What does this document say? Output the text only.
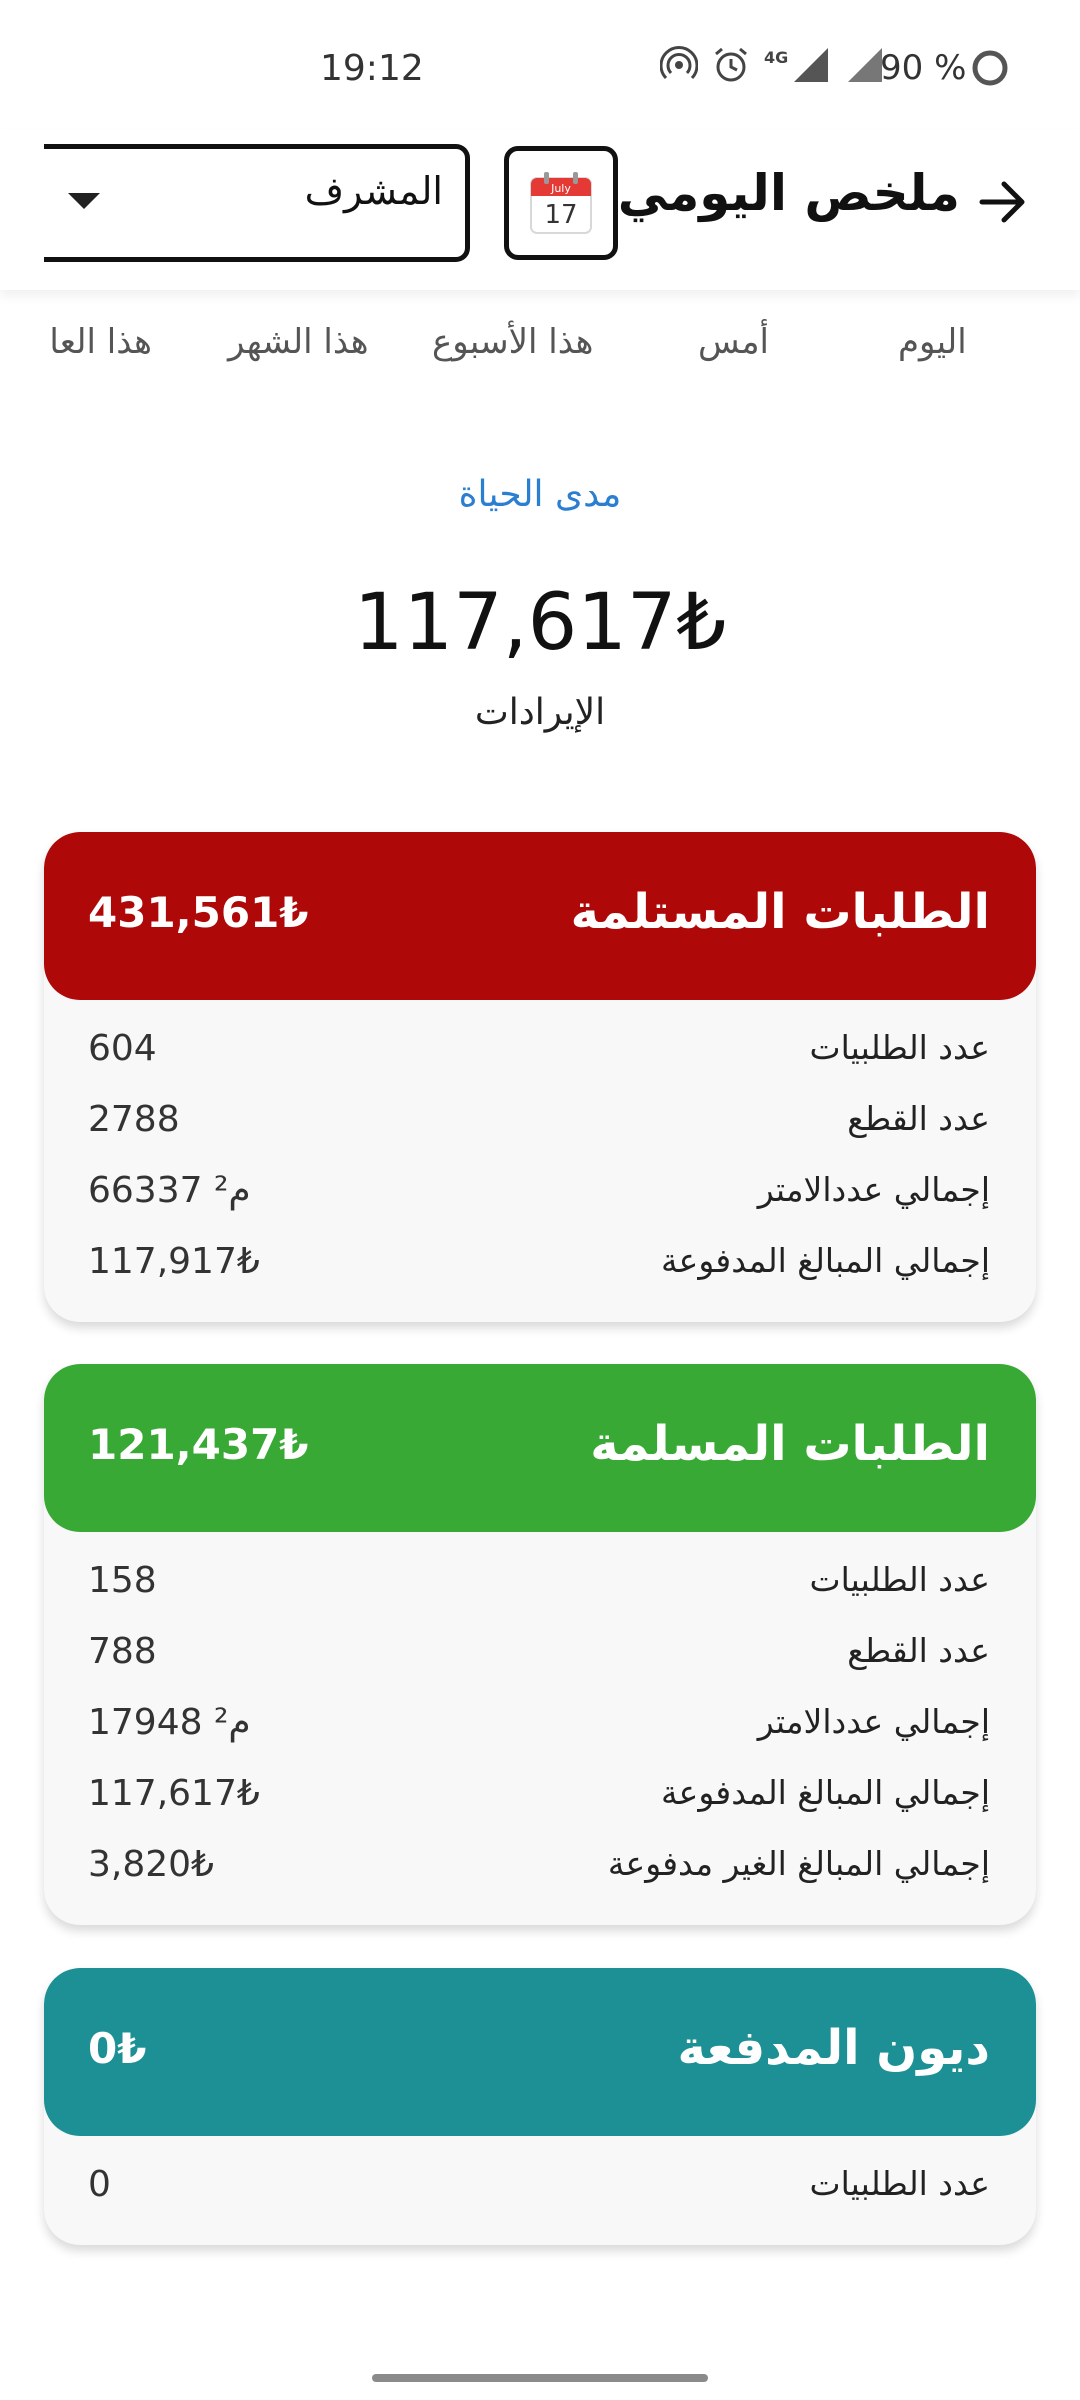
19:12	4G	90 %
ملخص اليومي
July
17
المشرف
اليوم
أمس
هذا الأسبوع
هذا الشهر
هذا العا
مدى الحياة
117,617₺
الإيرادات
الطلبات المستلمة
431,561₺
عدد الطلبيات
604
عدد القطع
2788
إجمالي عددالامتر
66337 م²
إجمالي المبالغ المدفوعة
117,917₺
الطلبات المسلمة
121,437₺
عدد الطلبيات
158
عدد القطع
788
إجمالي عددالامتر
17948 م²
إجمالي المبالغ المدفوعة
117,617₺
إجمالي المبالغ الغير مدفوعة
3,820₺
ديون المدفعة
0₺
عدد الطلبيات
0
